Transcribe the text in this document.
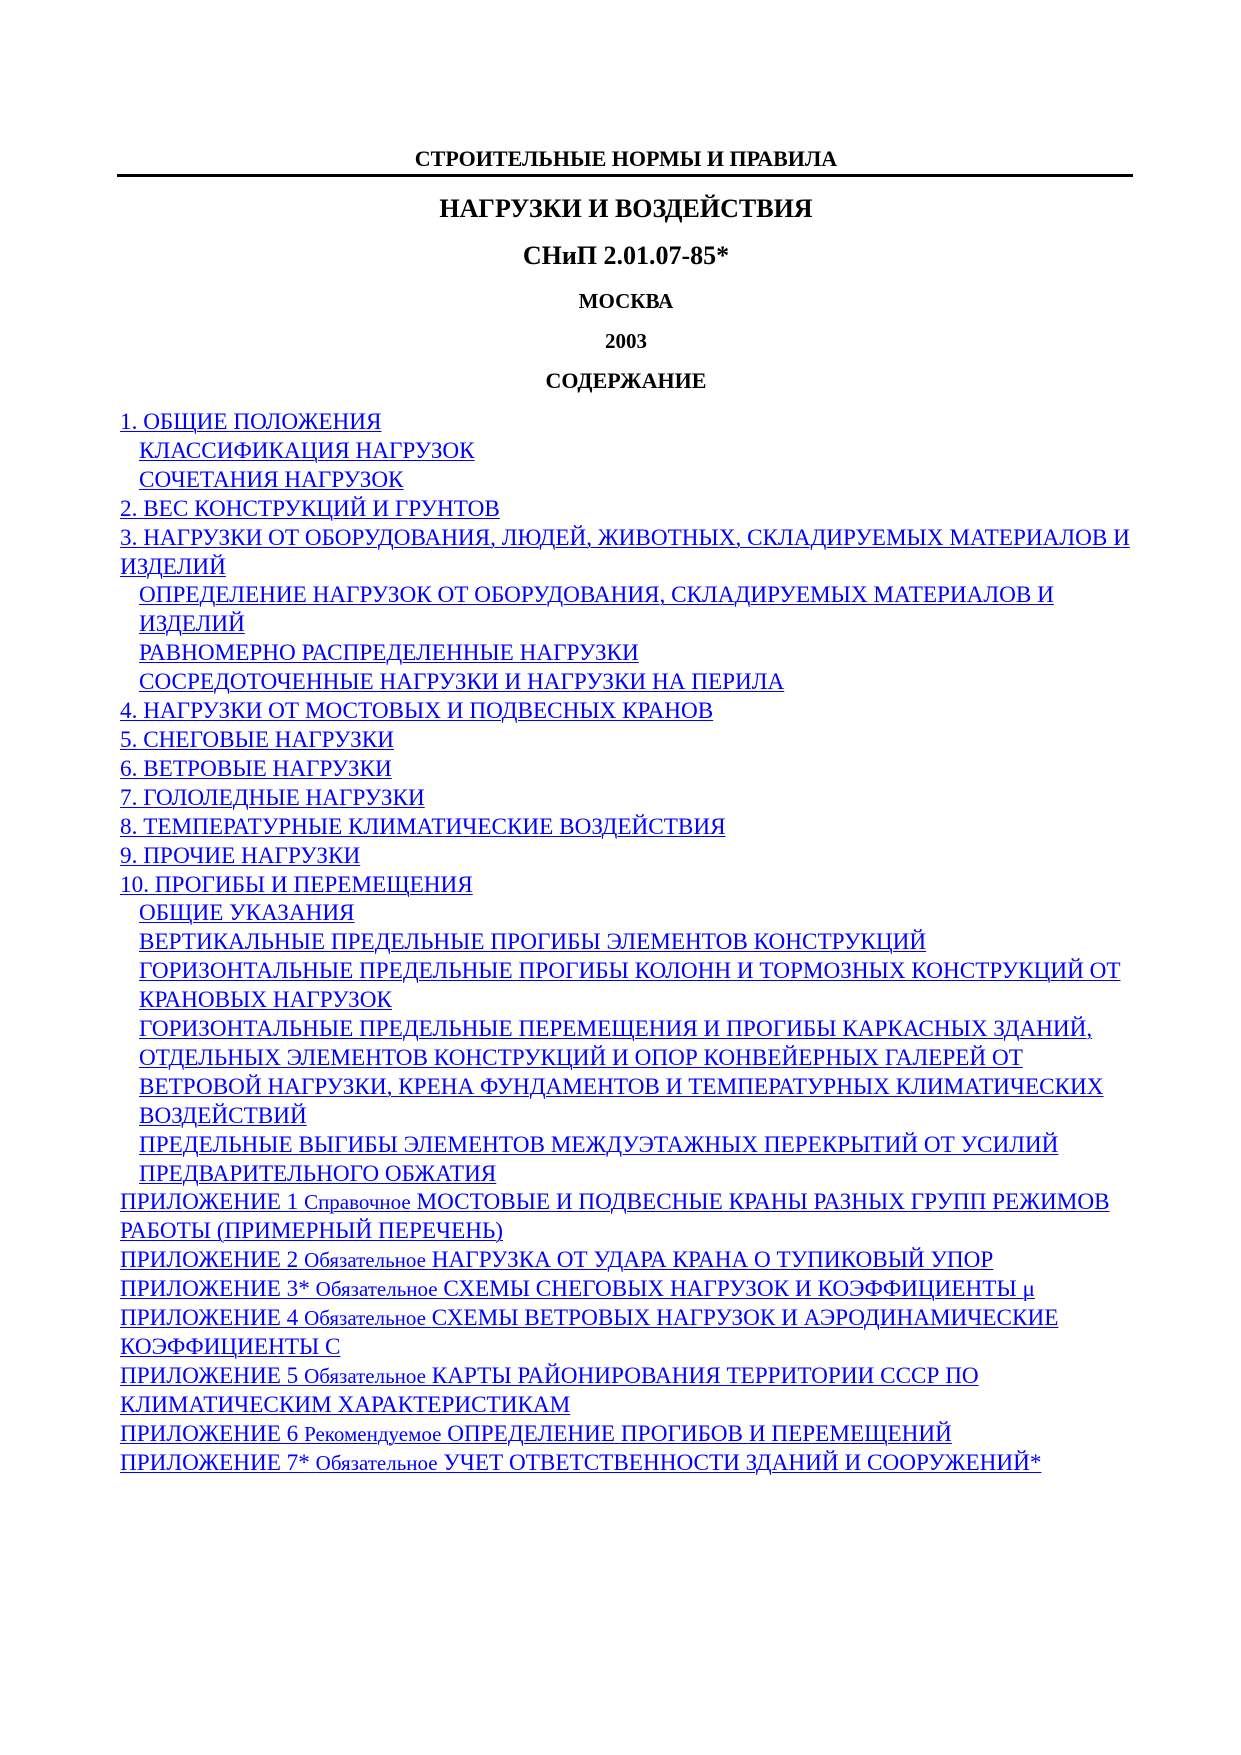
СТРОИТЕЛЬНЫЕ НОРМЫ И ПРАВИЛА
НАГРУЗКИ И ВОЗДЕЙСТВИЯ
СНиП 2.01.07-85*
МОСКВА
2003
СОДЕРЖАНИЕ
1. ОБЩИЕ ПОЛОЖЕНИЯ
КЛАССИФИКАЦИЯ НАГРУЗОК
СОЧЕТАНИЯ НАГРУЗОК
2. ВЕС КОНСТРУКЦИЙ И ГРУНТОВ
3. НАГРУЗКИ ОТ ОБОРУДОВАНИЯ, ЛЮДЕЙ, ЖИВОТНЫХ, СКЛАДИРУЕМЫХ МАТЕРИАЛОВ И ИЗДЕЛИЙ
ОПРЕДЕЛЕНИЕ НАГРУЗОК ОТ ОБОРУДОВАНИЯ, СКЛАДИРУЕМЫХ МАТЕРИАЛОВ И ИЗДЕЛИЙ
РАВНОМЕРНО РАСПРЕДЕЛЕННЫЕ НАГРУЗКИ
СОСРЕДОТОЧЕННЫЕ НАГРУЗКИ И НАГРУЗКИ НА ПЕРИЛА
4. НАГРУЗКИ ОТ МОСТОВЫХ И ПОДВЕСНЫХ КРАНОВ
5. СНЕГОВЫЕ НАГРУЗКИ
6. ВЕТРОВЫЕ НАГРУЗКИ
7. ГОЛОЛЕДНЫЕ НАГРУЗКИ
8. ТЕМПЕРАТУРНЫЕ КЛИМАТИЧЕСКИЕ ВОЗДЕЙСТВИЯ
9. ПРОЧИЕ НАГРУЗКИ
10. ПРОГИБЫ И ПЕРЕМЕЩЕНИЯ
ОБЩИЕ УКАЗАНИЯ
ВЕРТИКАЛЬНЫЕ ПРЕДЕЛЬНЫЕ ПРОГИБЫ ЭЛЕМЕНТОВ КОНСТРУКЦИЙ
ГОРИЗОНТАЛЬНЫЕ ПРЕДЕЛЬНЫЕ ПРОГИБЫ КОЛОНН И ТОРМОЗНЫХ КОНСТРУКЦИЙ ОТ КРАНОВЫХ НАГРУЗОК
ГОРИЗОНТАЛЬНЫЕ ПРЕДЕЛЬНЫЕ ПЕРЕМЕЩЕНИЯ И ПРОГИБЫ КАРКАСНЫХ ЗДАНИЙ, ОТДЕЛЬНЫХ ЭЛЕМЕНТОВ КОНСТРУКЦИЙ И ОПОР КОНВЕЙЕРНЫХ ГАЛЕРЕЙ ОТ ВЕТРОВОЙ НАГРУЗКИ, КРЕНА ФУНДАМЕНТОВ И ТЕМПЕРАТУРНЫХ КЛИМАТИЧЕСКИХ ВОЗДЕЙСТВИЙ
ПРЕДЕЛЬНЫЕ ВЫГИБЫ ЭЛЕМЕНТОВ МЕЖДУЭТАЖНЫХ ПЕРЕКРЫТИЙ ОТ УСИЛИЙ ПРЕДВАРИТЕЛЬНОГО ОБЖАТИЯ
ПРИЛОЖЕНИЕ 1 Справочное МОСТОВЫЕ И ПОДВЕСНЫЕ КРАНЫ РАЗНЫХ ГРУПП РЕЖИМОВ РАБОТЫ (ПРИМЕРНЫЙ ПЕРЕЧЕНЬ)
ПРИЛОЖЕНИЕ 2 Обязательное НАГРУЗКА ОТ УДАРА КРАНА О ТУПИКОВЫЙ УПОР
ПРИЛОЖЕНИЕ 3* Обязательное СХЕМЫ СНЕГОВЫХ НАГРУЗОК И КОЭФФИЦИЕНТЫ μ
ПРИЛОЖЕНИЕ 4 Обязательное СХЕМЫ ВЕТРОВЫХ НАГРУЗОК И АЭРОДИНАМИЧЕСКИЕ КОЭФФИЦИЕНТЫ С
ПРИЛОЖЕНИЕ 5 Обязательное КАРТЫ РАЙОНИРОВАНИЯ ТЕРРИТОРИИ СССР ПО КЛИМАТИЧЕСКИМ ХАРАКТЕРИСТИКАМ
ПРИЛОЖЕНИЕ 6 Рекомендуемое ОПРЕДЕЛЕНИЕ ПРОГИБОВ И ПЕРЕМЕЩЕНИЙ
ПРИЛОЖЕНИЕ 7* Обязательное УЧЕТ ОТВЕТСТВЕННОСТИ ЗДАНИЙ И СООРУЖЕНИЙ*
